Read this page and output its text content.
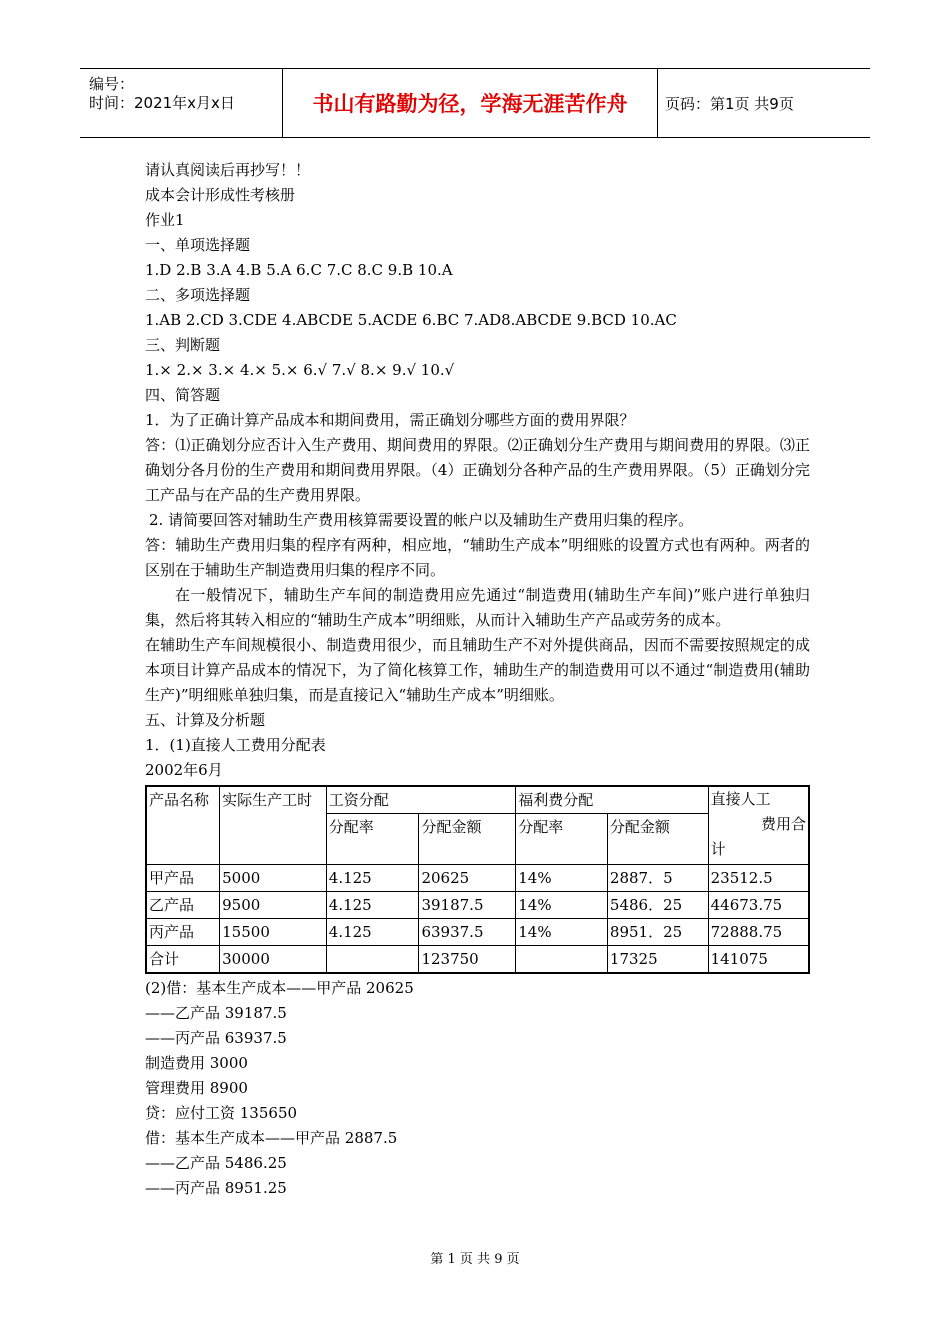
编号：
时间：2021年x月x日	书山有路勤为径，学海无涯苦作舟	页码：第1页 共9页
请认真阅读后再抄写！！
成本会计形成性考核册
作业1
一、单项选择题
1.D 2.B 3.A 4.B 5.A 6.C 7.C 8.C 9.B 10.A
二、多项选择题
1.AB 2.CD 3.CDE 4.ABCDE 5.ACDE 6.BC 7.AD8.ABCDE 9.BCD 10.AC
三、判断题
1.× 2.× 3.× 4.× 5.× 6.√ 7.√ 8.× 9.√ 10.√
四、简答题
1．为了正确计算产品成本和期间费用，需正确划分哪些方面的费用界限？
答：⑴正确划分应否计入生产费用、期间费用的界限。⑵正确划分生产费用与期间费用的界限。⑶正确划分各月份的生产费用和期间费用界限。（4）正确划分各种产品的生产费用界限。（5）正确划分完工产品与在产品的生产费用界限。
2. 请简要回答对辅助生产费用核算需要设置的帐户以及辅助生产费用归集的程序。
答：辅助生产费用归集的程序有两种，相应地，“辅助生产成本”明细账的设置方式也有两种。两者的区别在于辅助生产制造费用归集的程序不同。
在一般情况下，辅助生产车间的制造费用应先通过“制造费用(辅助生产车间)”账户进行单独归集，然后将其转入相应的“辅助生产成本”明细账，从而计入辅助生产产品或劳务的成本。
在辅助生产车间规模很小、制造费用很少，而且辅助生产不对外提供商品，因而不需要按照规定的成本项目计算产品成本的情况下，为了简化核算工作，辅助生产的制造费用可以不通过“制造费用(辅助生产)”明细账单独归集，而是直接记入“辅助生产成本”明细账。
五、计算及分析题
1．(1)直接人工费用分配表
2002年6月
产品名称	实际生产工时	工资分配		福利费分配		直接人工
费用合
计

		分配率	分配金额	分配率	分配金额	
甲产品	5000	4.125	20625	14%	2887．5	23512.5
乙产品	9500	4.125	39187.5	14%	5486．25	44673.75
丙产品	15500	4.125	63937.5	14%	8951．25	72888.75
合计	30000		123750		17325	141075
(2)借：基本生产成本——甲产品 20625
——乙产品 39187.5
——丙产品 63937.5
制造费用 3000
管理费用 8900
贷：应付工资 135650
借：基本生产成本——甲产品 2887.5
——乙产品 5486.25
——丙产品 8951.25
第 1 页 共 9 页
